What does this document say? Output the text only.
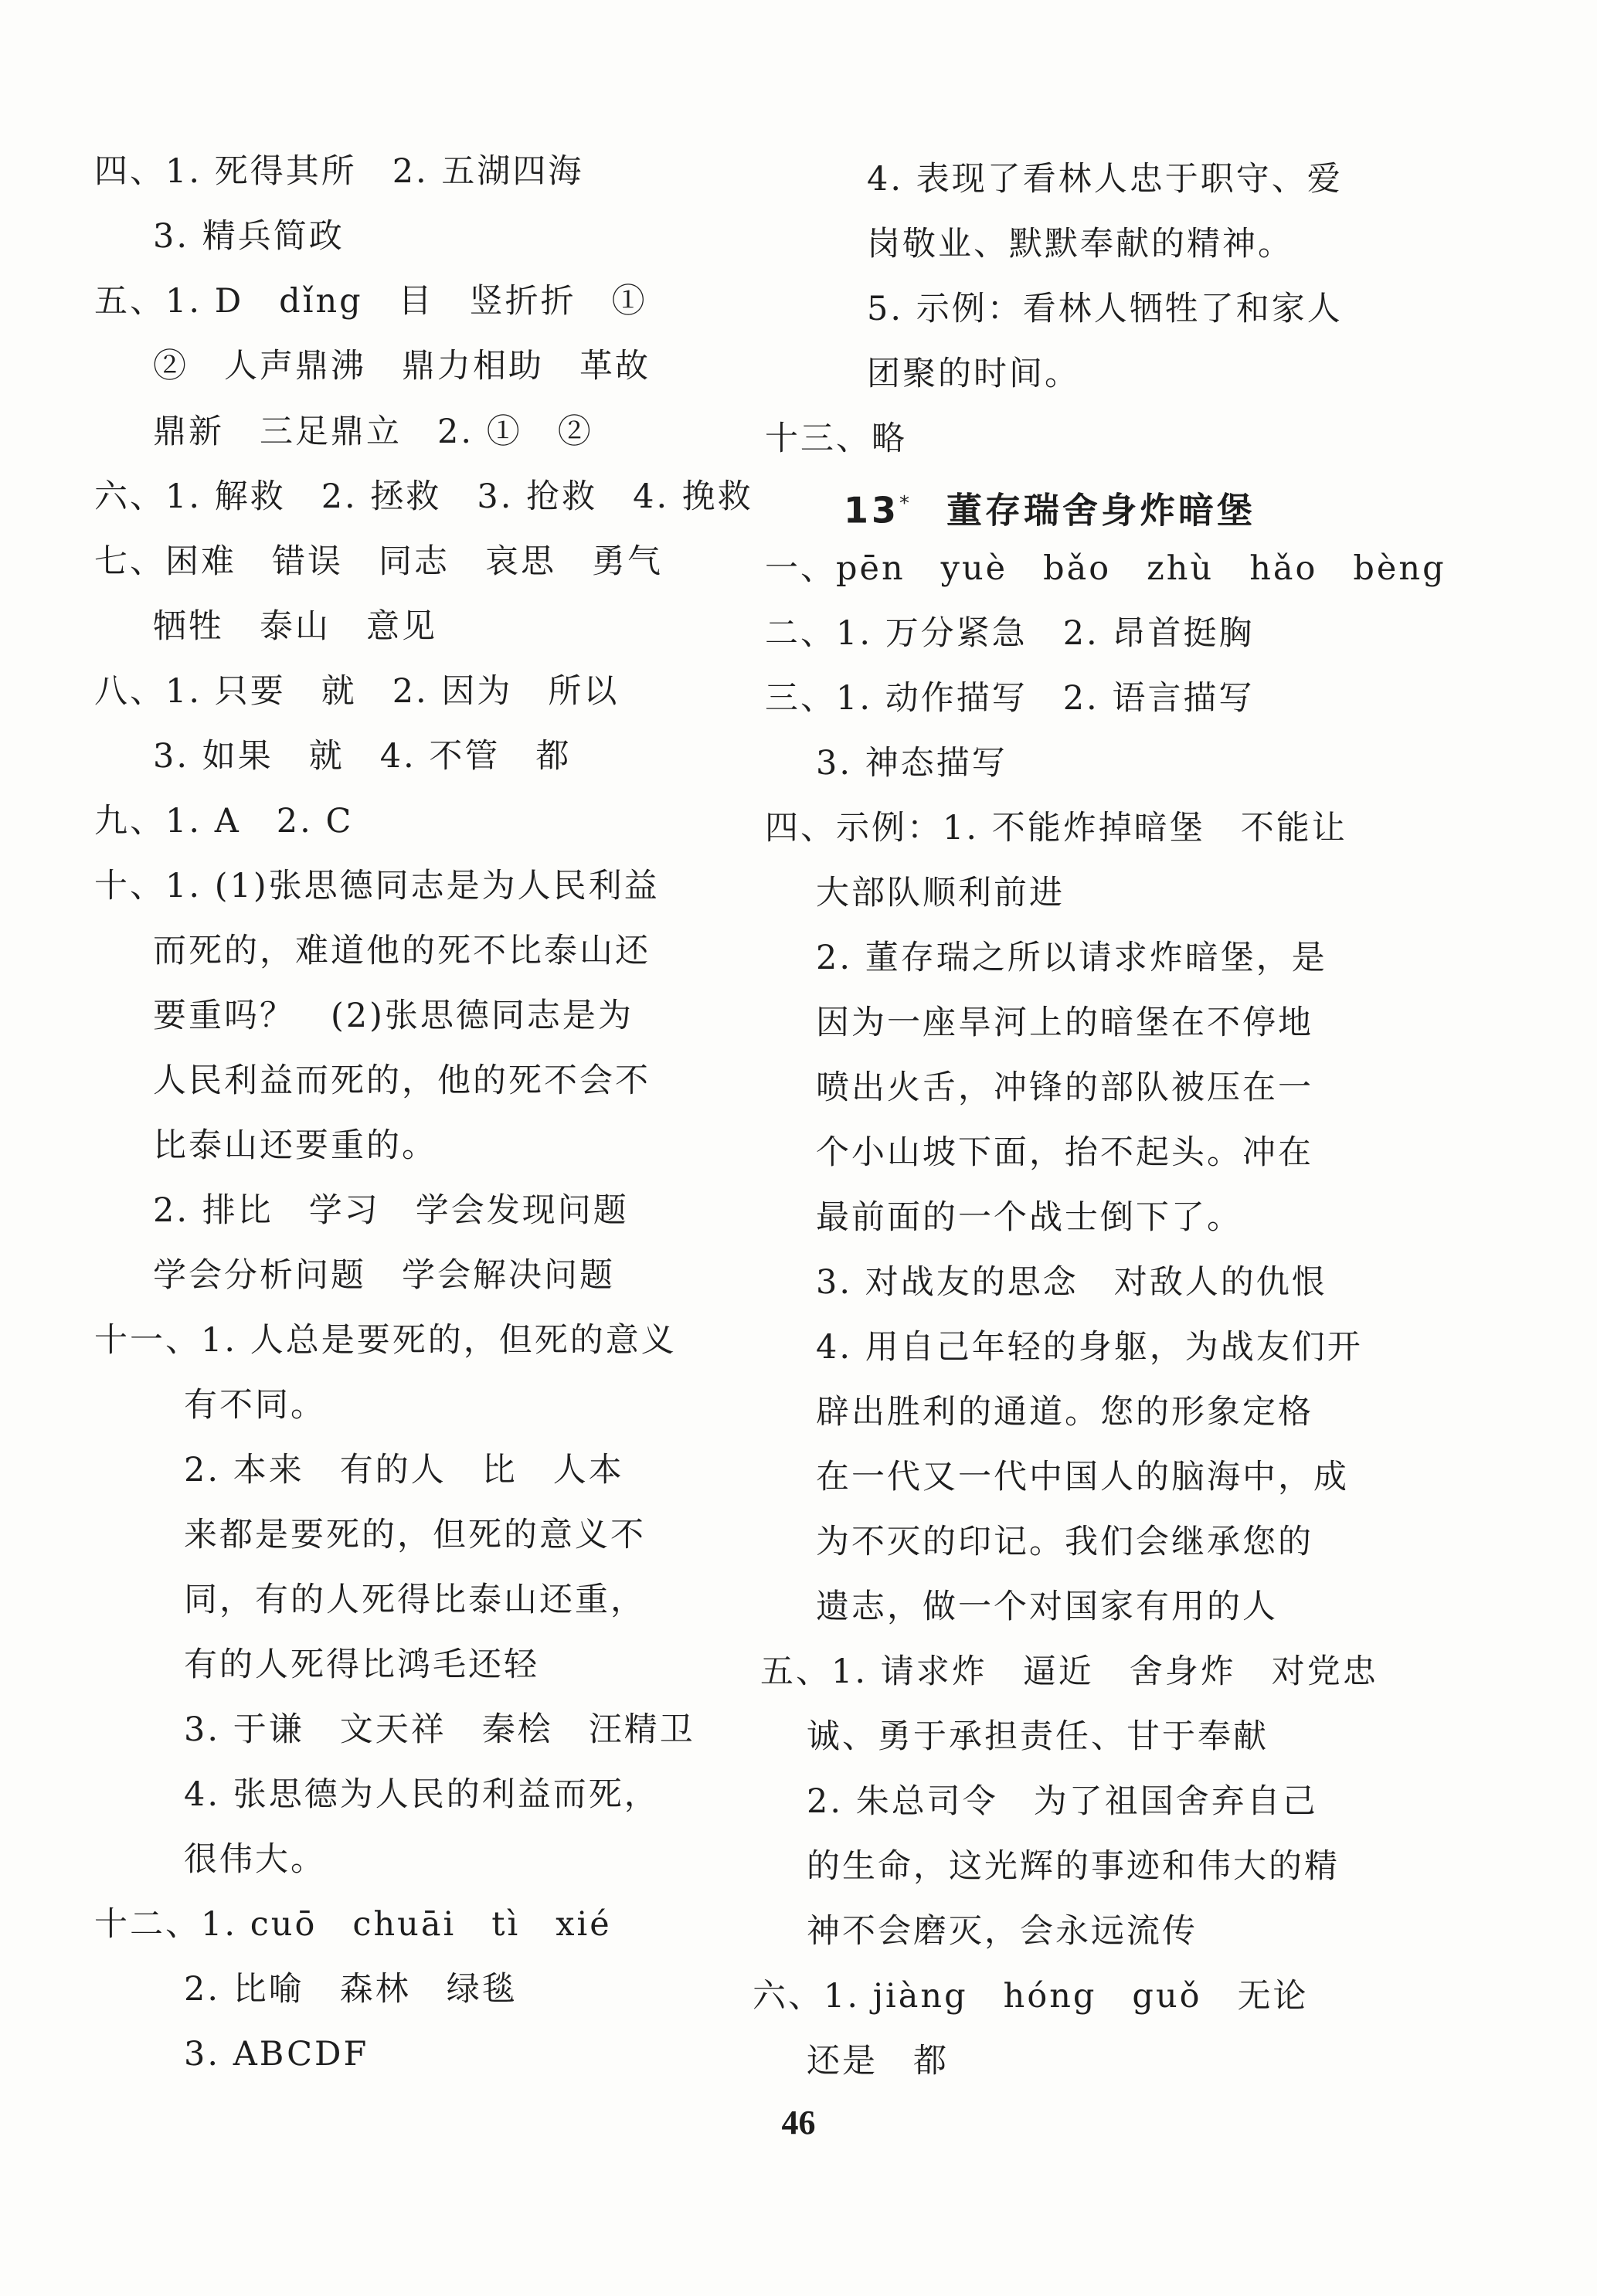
四、1. 死得其所　2. 五湖四海
3. 精兵简政
五、1. D　dǐng　目　竖折折　①
②　人声鼎沸　鼎力相助　革故
鼎新　三足鼎立　2. ①　②
六、1. 解救　2. 拯救　3. 抢救　4. 挽救
七、困难　错误　同志　哀思　勇气
牺牲　泰山　意见
八、1. 只要　就　2. 因为　所以
3. 如果　就　4. 不管　都
九、1. A　2. C
十、1. (1)张思德同志是为人民利益
而死的，难道他的死不比泰山还
要重吗？　(2)张思德同志是为
人民利益而死的，他的死不会不
比泰山还要重的。
2. 排比　学习　学会发现问题
学会分析问题　学会解决问题
十一、1. 人总是要死的，但死的意义
有不同。
2. 本来　有的人　比　人本
来都是要死的，但死的意义不
同，有的人死得比泰山还重，
有的人死得比鸿毛还轻
3. 于谦　文天祥　秦桧　汪精卫
4. 张思德为人民的利益而死，
很伟大。
十二、1. cuō　chuāi　tì　xié
2. 比喻　森林　绿毯
3. ABCDF
4. 表现了看林人忠于职守、爱
岗敬业、默默奉献的精神。
5. 示例：看林人牺牲了和家人
团聚的时间。
十三、略
13* 董存瑞舍身炸暗堡
一、pēn　yuè　bǎo　zhù　hǎo　bèng
二、1. 万分紧急　2. 昂首挺胸
三、1. 动作描写　2. 语言描写
3. 神态描写
四、示例：1. 不能炸掉暗堡　不能让
大部队顺利前进
2. 董存瑞之所以请求炸暗堡，是
因为一座旱河上的暗堡在不停地
喷出火舌，冲锋的部队被压在一
个小山坡下面，抬不起头。冲在
最前面的一个战士倒下了。
3. 对战友的思念　对敌人的仇恨
4. 用自己年轻的身躯，为战友们开
辟出胜利的通道。您的形象定格
在一代又一代中国人的脑海中，成
为不灭的印记。我们会继承您的
遗志，做一个对国家有用的人
五、1. 请求炸　逼近　舍身炸　对党忠
诚、勇于承担责任、甘于奉献
2. 朱总司令　为了祖国舍弃自己
的生命，这光辉的事迹和伟大的精
神不会磨灭，会永远流传
六、1. jiàng　hóng　guǒ　无论
还是　都
46
